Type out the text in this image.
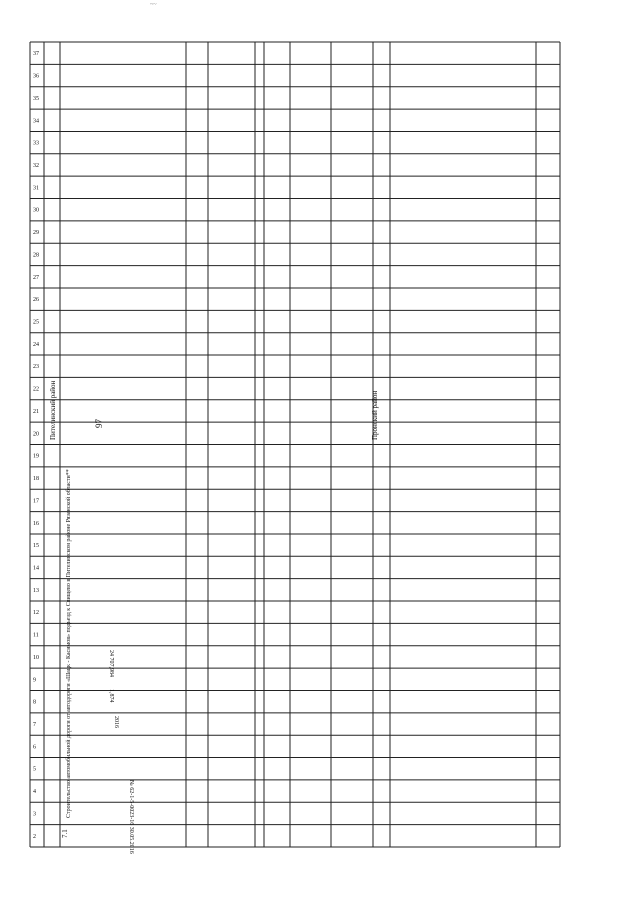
~~
97
2
3
4
5
6
7
8
9
10
11
12
13
14
15
16
17
18
19
20
21
22
23
24
25
26
27
28
29
30
31
32
33
34
35
36
37
7.1
Строительство автомобильной дороги от автодороги «Шацк - Касимов» подъезд к Свищево в Пителинском районе Рязанской области**	№ 62-1-5-0023-16 30.05.2016
2016
1,874
24 707,984
Пронский район
Пителинский район
